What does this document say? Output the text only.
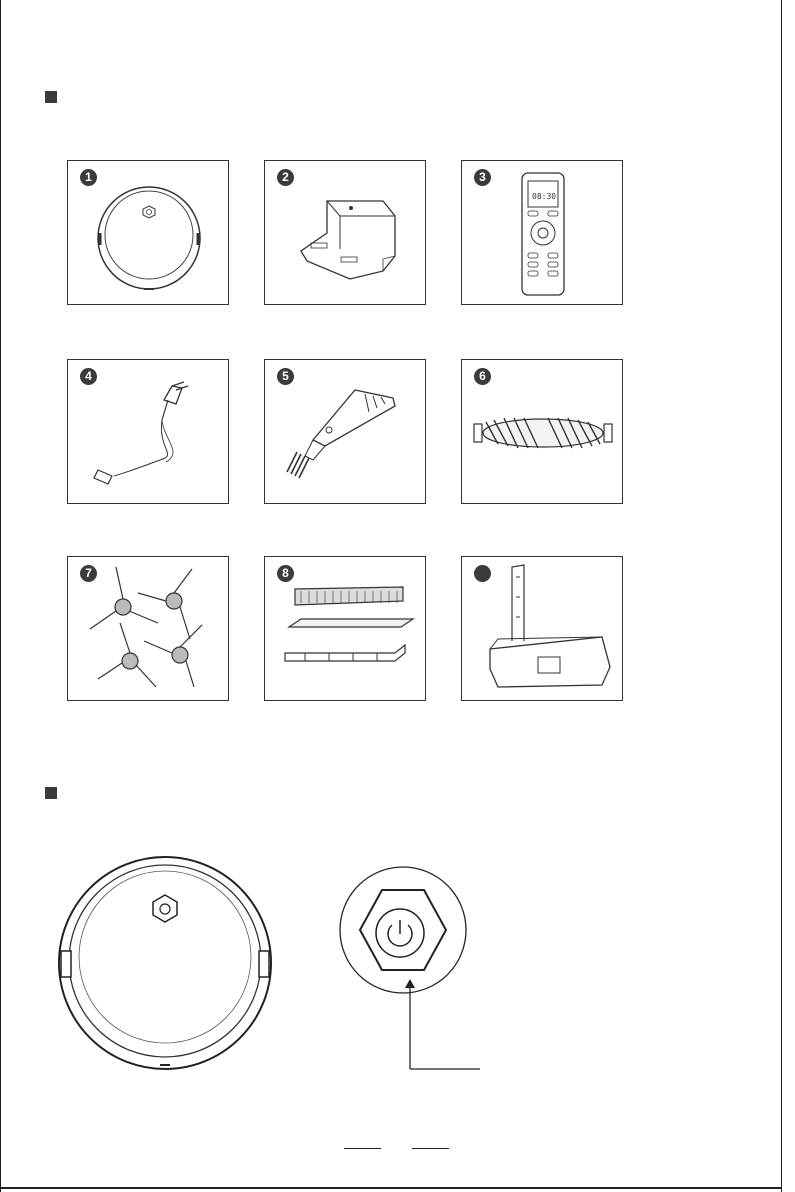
1	2
08:30
3
4	5	6
7	8
